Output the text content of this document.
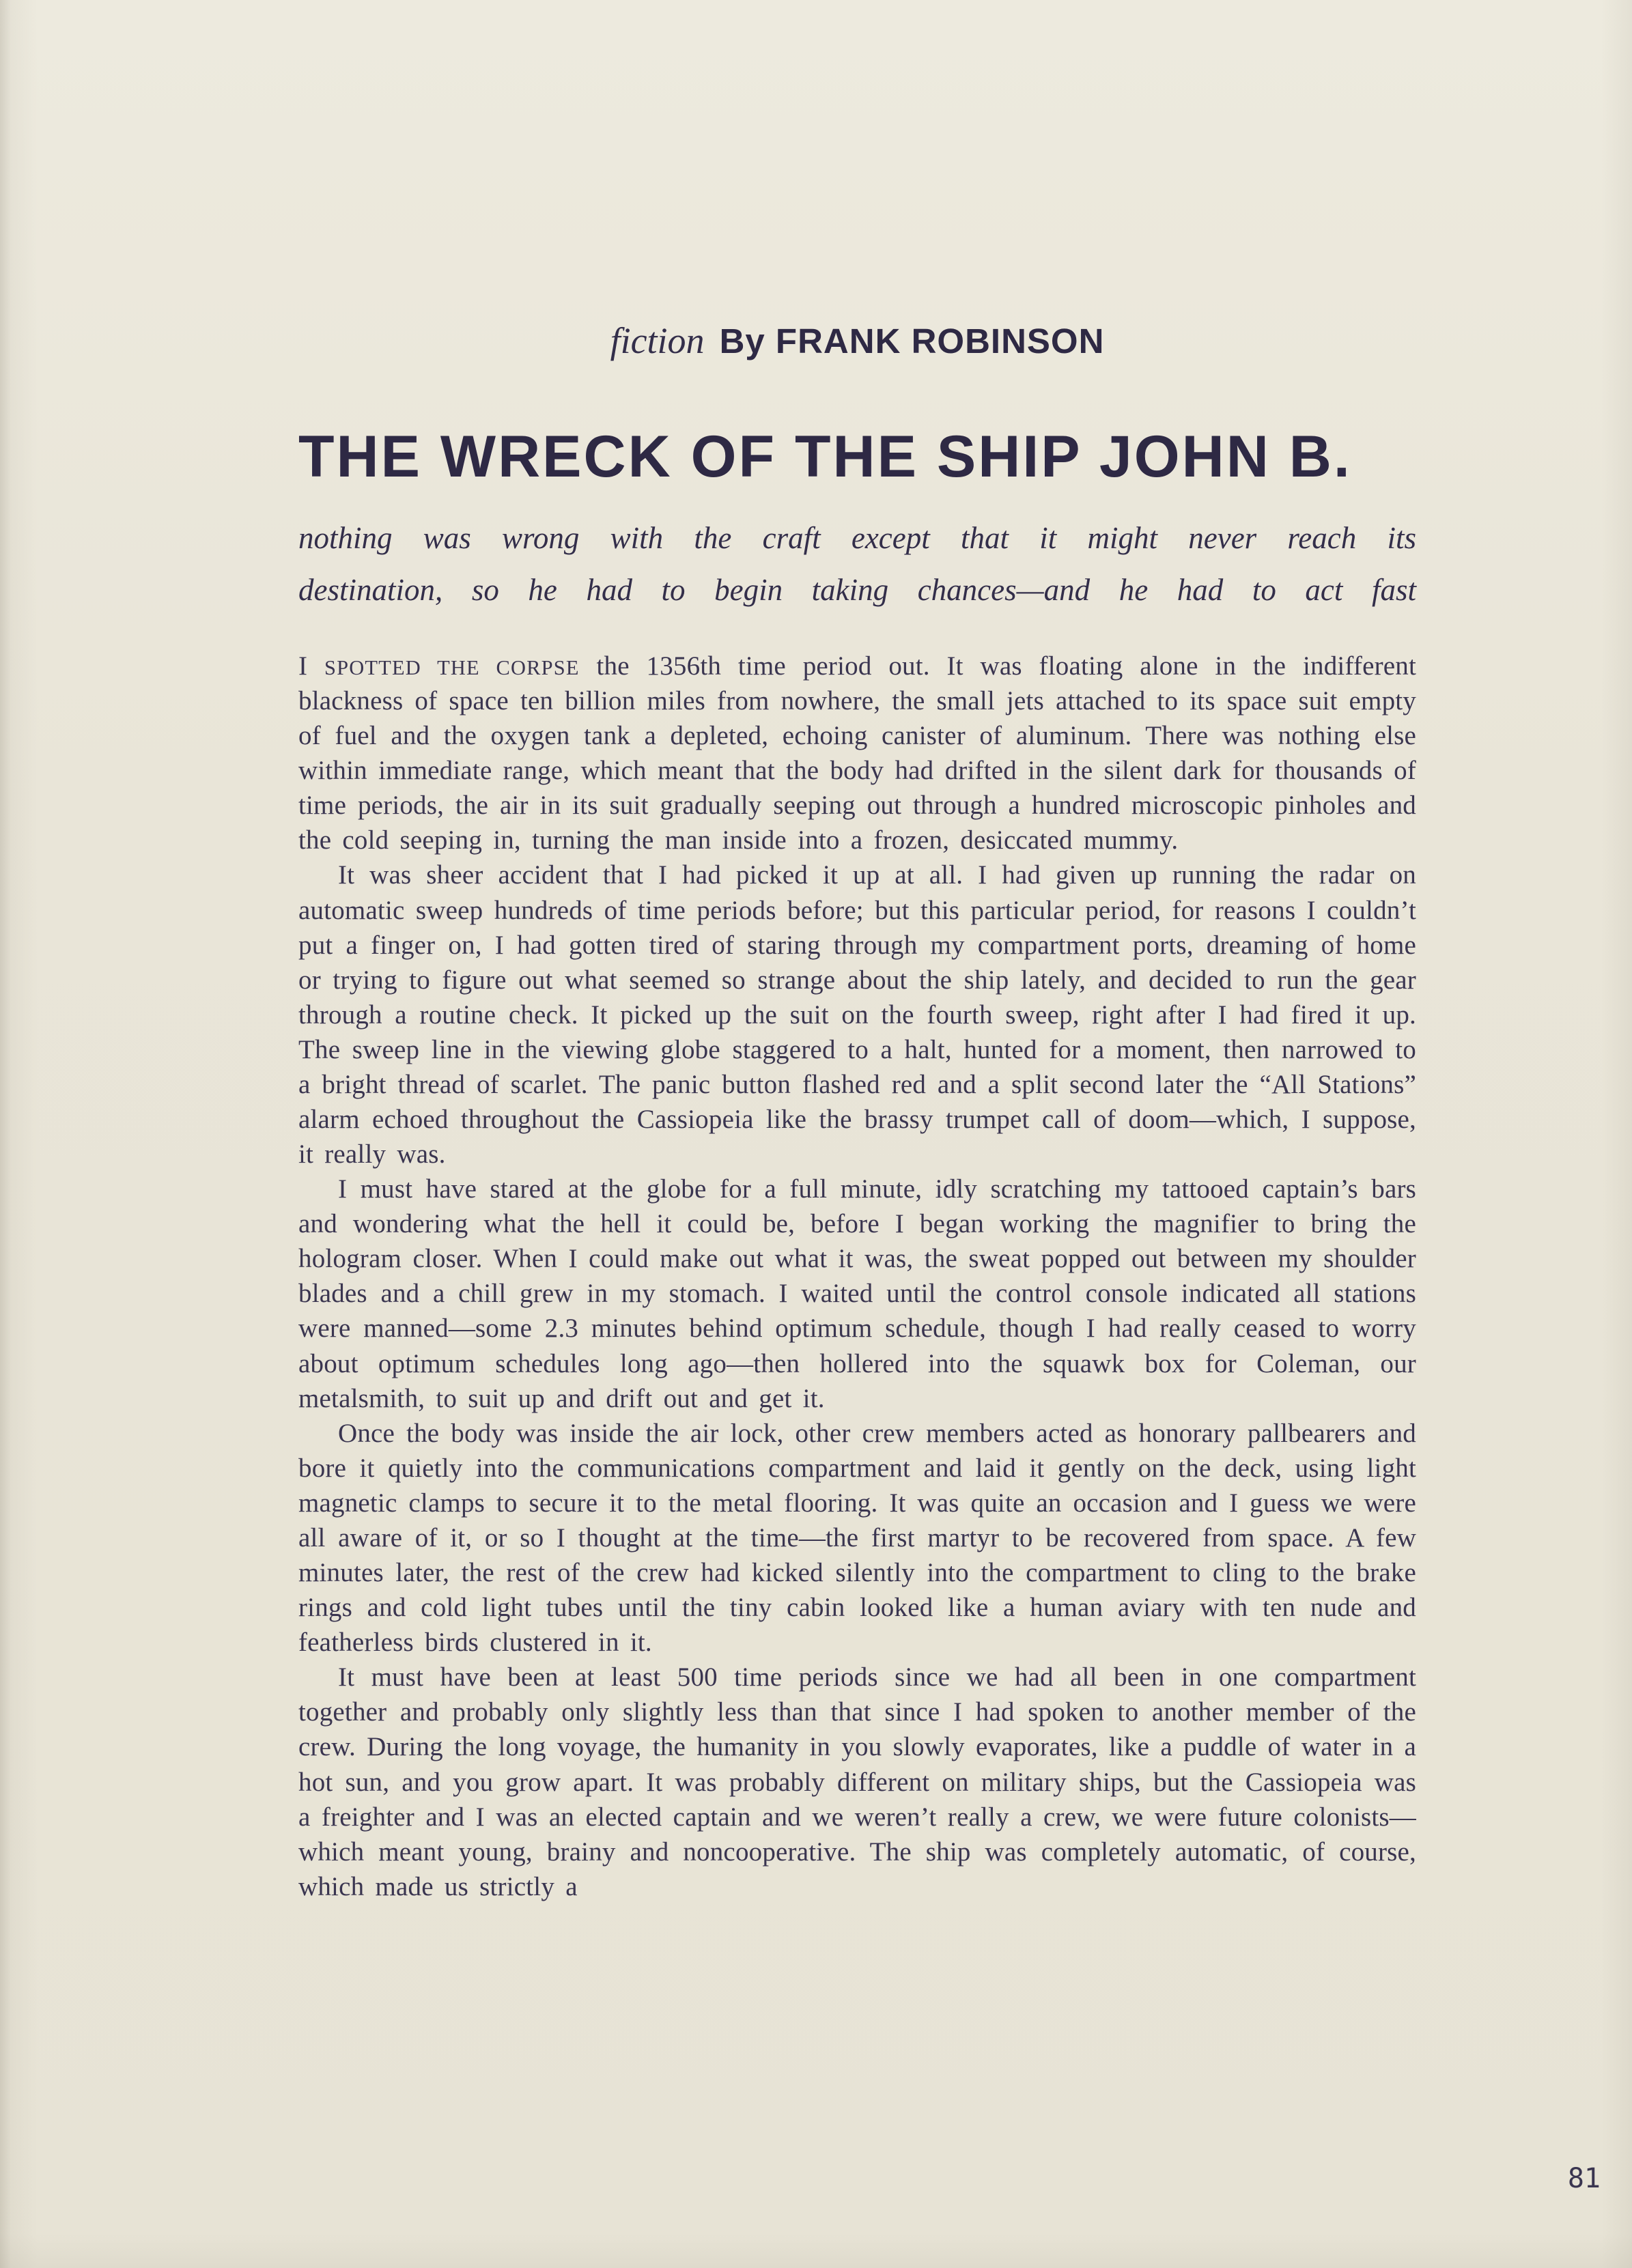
fiction By FRANK ROBINSON
THE WRECK OF THE SHIP JOHN B.
nothing was wrong with the craft except that it might never reach its
destination, so he had to begin taking chances—and he had to act fast

I SPOTTED THE CORPSE the 1356th time period out. It was floating alone in the indifferent blackness of space ten billion miles from nowhere, the small jets attached to its space suit empty of fuel and the oxygen tank a depleted, echoing canister of aluminum. There was nothing else within immediate range, which meant that the body had drifted in the silent dark for thousands of time periods, the air in its suit gradually seeping out through a hundred microscopic pinholes and the cold seeping in, turning the man inside into a frozen, desiccated mummy.

It was sheer accident that I had picked it up at all. I had given up running the radar on automatic sweep hundreds of time periods before; but this particular period, for reasons I couldn’t put a finger on, I had gotten tired of staring through my compartment ports, dreaming of home or trying to figure out what seemed so strange about the ship lately, and decided to run the gear through a routine check. It picked up the suit on the fourth sweep, right after I had fired it up. The sweep line in the viewing globe staggered to a halt, hunted for a moment, then narrowed to a bright thread of scarlet. The panic button flashed red and a split second later the “All Stations” alarm echoed throughout the Cassiopeia like the brassy trumpet call of doom—which, I suppose, it really was.

I must have stared at the globe for a full minute, idly scratching my tattooed captain’s bars and wondering what the hell it could be, before I began working the magnifier to bring the hologram closer. When I could make out what it was, the sweat popped out between my shoulder blades and a chill grew in my stomach. I waited until the control console indicated all stations were manned—some 2.3 minutes behind optimum schedule, though I had really ceased to worry about optimum schedules long ago—then hollered into the squawk box for Coleman, our metalsmith, to suit up and drift out and get it.

Once the body was inside the air lock, other crew members acted as honorary pallbearers and bore it quietly into the communications compartment and laid it gently on the deck, using light magnetic clamps to secure it to the metal flooring. It was quite an occasion and I guess we were all aware of it, or so I thought at the time—the first martyr to be recovered from space. A few minutes later, the rest of the crew had kicked silently into the compartment to cling to the brake rings and cold light tubes until the tiny cabin looked like a human aviary with ten nude and featherless birds clustered in it.

It must have been at least 500 time periods since we had all been in one compartment together and probably only slightly less than that since I had spoken to another member of the crew. During the long voyage, the humanity in you slowly evaporates, like a puddle of water in a hot sun, and you grow apart. It was probably different on military ships, but the Cassiopeia was a freighter and I was an elected captain and we weren’t really a crew, we were future colonists—which meant young, brainy and noncooperative. The ship was completely automatic, of course, which made us strictly a

81
